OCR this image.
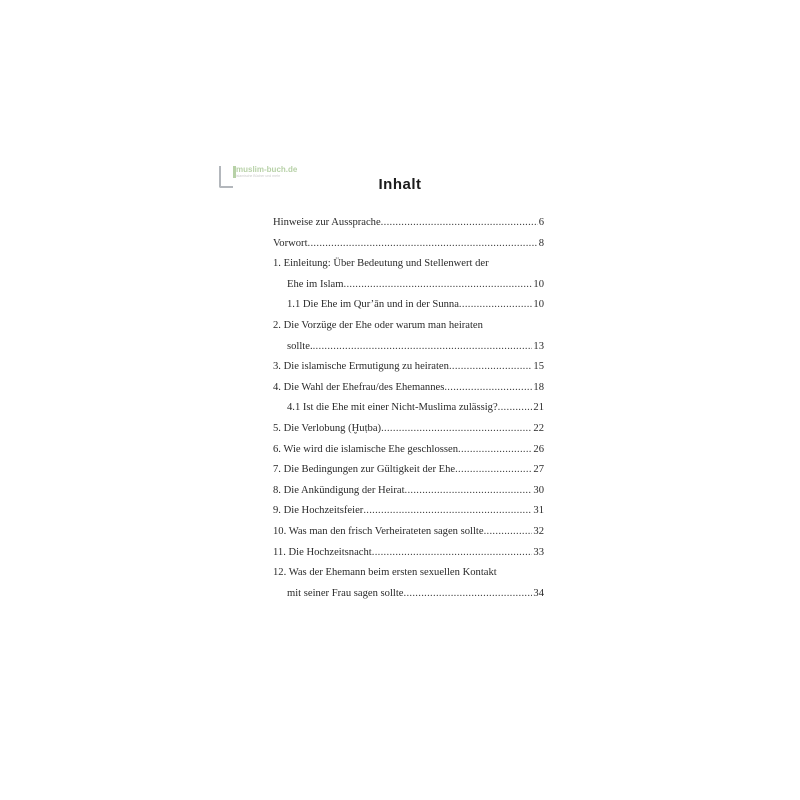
muslim-buch.de
islamische Bücher und mehr	Inhalt
Hinweise zur Aussprache .....	6
Vorwort .....	8
1. Einleitung: Über Bedeutung und Stellenwert der
Ehe im Islam .....	10
1.1 Die Ehe im Qur’ān und in der Sunna .....	10
2. Die Vorzüge der Ehe oder warum man heiraten
sollte. .....	13
3. Die islamische Ermutigung zu heiraten .....	15
4. Die Wahl der Ehefrau/des Ehemannes .....	18
4.1 Ist die Ehe mit einer Nicht-Muslima zulässig? .....	21
5. Die Verlobung (Ḫuṭba) .....	22
6. Wie wird die islamische Ehe geschlossen .....	26
7. Die Bedingungen zur Gültigkeit der Ehe .....	27
8. Die Ankündigung der Heirat .....	30
9. Die Hochzeitsfeier .....	31
10. Was man den frisch Verheirateten sagen sollte .....	32
11. Die Hochzeitsnacht .....	33
12. Was der Ehemann beim ersten sexuellen Kontakt
mit seiner Frau sagen sollte .....	34
